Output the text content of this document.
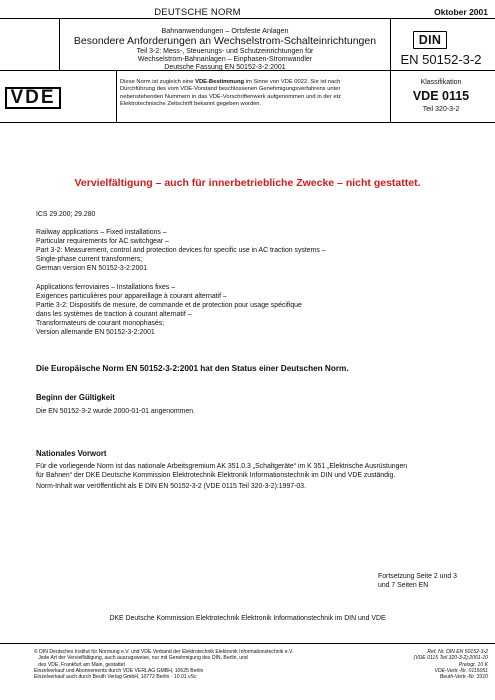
DEUTSCHE NORM	Oktober 2001
Bahnanwendungen – Ortsfeste Anlagen
Besondere Anforderungen an Wechselstrom-Schalteinrichtungen
Teil 3-2: Mess-, Steuerungs- und Schutzeinrichtungen für
Wechselstrom-Bahnanlagen – Einphasen-Stromwandler
Deutsche Fassung EN 50152-3-2:2001
DIN
EN 50152-3-2
VDE
Diese Norm ist zugleich eine VDE-Bestimmung im Sinne von VDE 0022. Sie ist nach
Durchführung des vom VDE-Vorstand beschlossenen Genehmigungsverfahrens unter
nebenstehenden Nummern in das VDE-Vorschriftenwerk aufgenommen und in der etz
Elektrotechnische Zeitschrift bekannt gegeben worden.
Klassifikation
VDE 0115
Teil 320-3-2
Vervielfältigung – auch für innerbetriebliche Zwecke – nicht gestattet.
ICS 29.200; 29.280
Railway applications – Fixed installations –
Particular requirements for AC switchgear –
Part 3-2: Measurement, control and protection devices for specific use in AC traction systems –
Single-phase current transformers;
German version EN 50152-3-2:2001
Applications ferroviaires – Installations fixes –
Exigences particulières pour appareillage à courant alternatif –
Partie 3-2: Dispositifs de mesure, de commande et de protection pour usage spécifique
dans les systèmes de traction à courant alternatif –
Transformateurs de courant monophasés;
Version allemande EN 50152-3-2:2001
Die Europäische Norm EN 50152-3-2:2001 hat den Status einer Deutschen Norm.
Beginn der Gültigkeit
Die EN 50152-3-2 wurde 2000-01-01 angenommen.
Nationales Vorwort
Für die vorliegende Norm ist das nationale Arbeitsgremium AK 351.0.3 „Schaltgeräte“ im K 351 „Elektrische Ausrüstungen
für Bahnen“ der DKE Deutsche Kommission Elektrotechnik Elektronik Informationstechnik im DIN und VDE zuständig.
Norm-Inhalt war veröffentlicht als E DIN EN 50152-3-2 (VDE 0115 Teil 320-3-2):1997-03.
Fortsetzung Seite 2 und 3
und 7 Seiten EN
DKE Deutsche Kommission Elektrotechnik Elektronik Informationstechnik im DIN und VDE
© DIN Deutsches Institut für Normung e.V. und VDE Verband der Elektrotechnik Elektronik Informationstechnik e.V.
Jede Art der Vervielfältigung, auch auszugsweise, nur mit Genehmigung des DIN, Berlin, und
des VDE, Frankfurt am Main, gestattet
Einzelverkauf und Abonnements durch VDE VERLAG GMBH, 10625 Berlin
Einzelverkauf auch durch Beuth Verlag GmbH, 10772 Berlin · 10.01 vSc
Ref. Nr. DIN EN 50152-3-2
(VDE 0115 Teil 320-3-2):2001-10
Preisgr. 10 K
VDE-Vertr.-Nr. 0115051
Beuth-Vertr.-Nr. 3310
